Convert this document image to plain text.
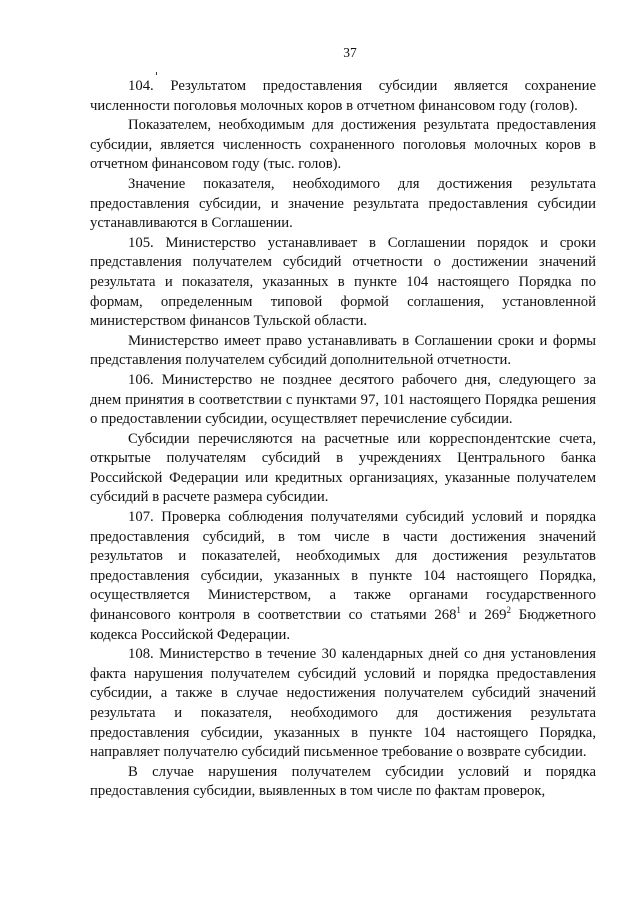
37

104. Результатом предоставления субсидии является сохранение численности поголовья молочных коров в отчетном финансовом году (голов).

Показателем, необходимым для достижения результата предоставления субсидии, является численность сохраненного поголовья молочных коров в отчетном финансовом году (тыс. голов).

Значение показателя, необходимого для достижения результата предоставления субсидии, и значение результата предоставления субсидии устанавливаются в Соглашении.

105. Министерство устанавливает в Соглашении порядок и сроки представления получателем субсидий отчетности о достижении значений результата и показателя, указанных в пункте 104 настоящего Порядка по формам, определенным типовой формой соглашения, установленной министерством финансов Тульской области.

Министерство имеет право устанавливать в Соглашении сроки и формы представления получателем субсидий дополнительной отчетности.

106. Министерство не позднее десятого рабочего дня, следующего за днем принятия в соответствии с пунктами 97, 101 настоящего Порядка решения о предоставлении субсидии, осуществляет перечисление субсидии.

Субсидии перечисляются на расчетные или корреспондентские счета, открытые получателям субсидий в учреждениях Центрального банка Российской Федерации или кредитных организациях, указанные получателем субсидий в расчете размера субсидии.

107. Проверка соблюдения получателями субсидий условий и порядка предоставления субсидий, в том числе в части достижения значений результатов и показателей, необходимых для достижения результатов предоставления субсидии, указанных в пункте 104 настоящего Порядка, осуществляется Министерством, а также органами государственного финансового контроля в соответствии со статьями $268^1$ и $269^2$ Бюджетного кодекса Российской Федерации.

108. Министерство в течение 30 календарных дней со дня установления факта нарушения получателем субсидий условий и порядка предоставления субсидии, а также в случае недостижения получателем субсидий значений результата и показателя, необходимого для достижения результата предоставления субсидии, указанных в пункте 104 настоящего Порядка, направляет получателю субсидий письменное требование о возврате субсидии.

В случае нарушения получателем субсидии условий и порядка предоставления субсидии, выявленных в том числе по фактам проверок,
